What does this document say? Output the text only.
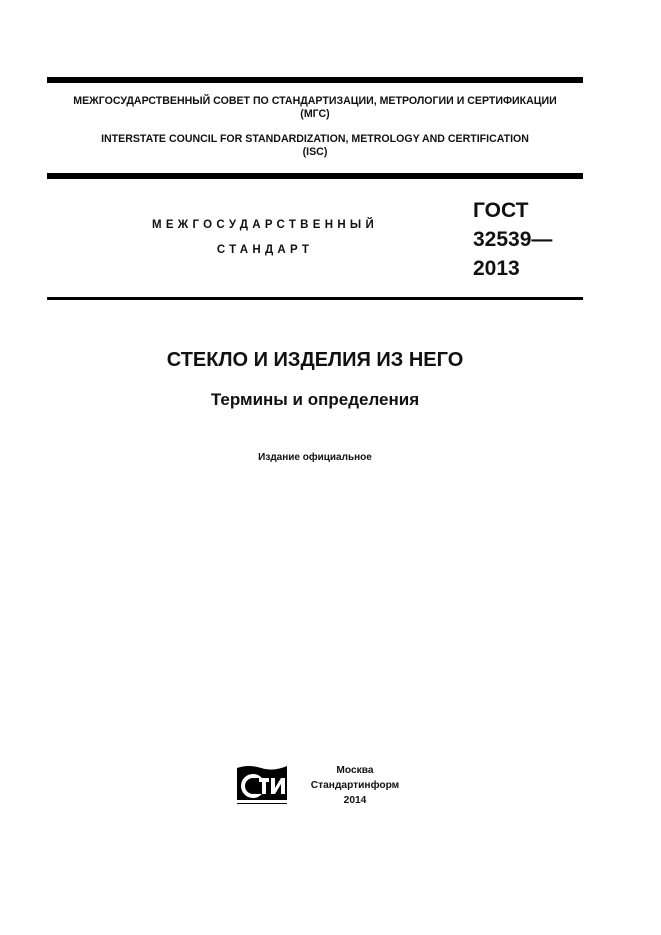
МЕЖГОСУДАРСТВЕННЫЙ СОВЕТ ПО СТАНДАРТИЗАЦИИ, МЕТРОЛОГИИ И СЕРТИФИКАЦИИ
(МГС)
INTERSTATE COUNCIL FOR STANDARDIZATION, METROLOGY AND CERTIFICATION
(ISC)
МЕЖГОСУДАРСТВЕННЫЙ
СТАНДАРТ
ГОСТ
32539—
2013
СТЕКЛО И ИЗДЕЛИЯ ИЗ НЕГО
Термины и определения
Издание официальное
Москва
Стандартинформ
2014
